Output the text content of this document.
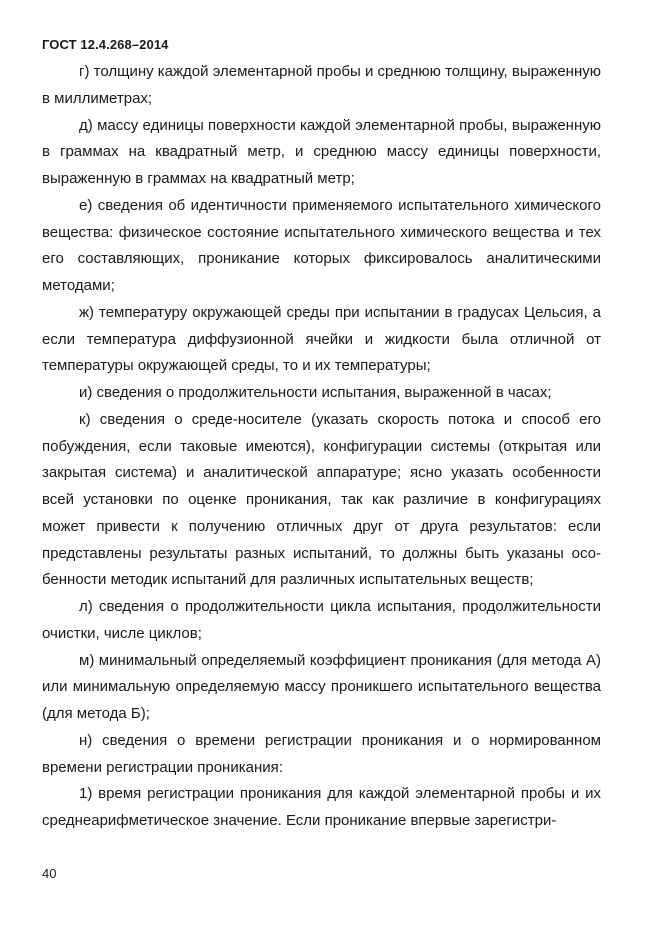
ГОСТ 12.4.268–2014

г) толщину каждой элементарной пробы и среднюю толщину, выраженную в миллиметрах;

д) массу единицы поверхности каждой элементарной пробы, выраженную в граммах на квадратный метр, и среднюю массу единицы поверхности, выраженную в граммах на квадратный метр;

е) сведения об идентичности применяемого испытательного химического вещества: физическое состояние испытательного химического вещества и тех его составляющих, проникание которых фиксировалось аналитическими методами;

ж) температуру окружающей среды при испытании в градусах Цельсия, а если температура диффузионной ячейки и жидкости была отличной от температуры окружающей среды, то и их температуры;

и) сведения о продолжительности испытания, выраженной в часах;

к) сведения о среде-носителе (указать скорость потока и способ его побуждения, если таковые имеются), конфигурации системы (открытая или закрытая система) и аналитической аппаратуре; ясно указать особенности всей установки по оценке проникания, так как различие в конфигурациях может привести к получению отличных друг от друга результатов: если представлены результаты разных испытаний, то должны быть указаны особенности методик испытаний для различных испытательных веществ;

л) сведения о продолжительности цикла испытания, продолжительности очистки, числе циклов;

м) минимальный определяемый коэффициент проникания (для метода А) или минимальную определяемую массу проникшего испытательного вещества (для метода Б);

н) сведения о времени регистрации проникания и о нормированном времени регистрации проникания:

1) время регистрации проникания для каждой элементарной пробы и их среднеарифметическое значение. Если проникание впервые зарегистри-

40
